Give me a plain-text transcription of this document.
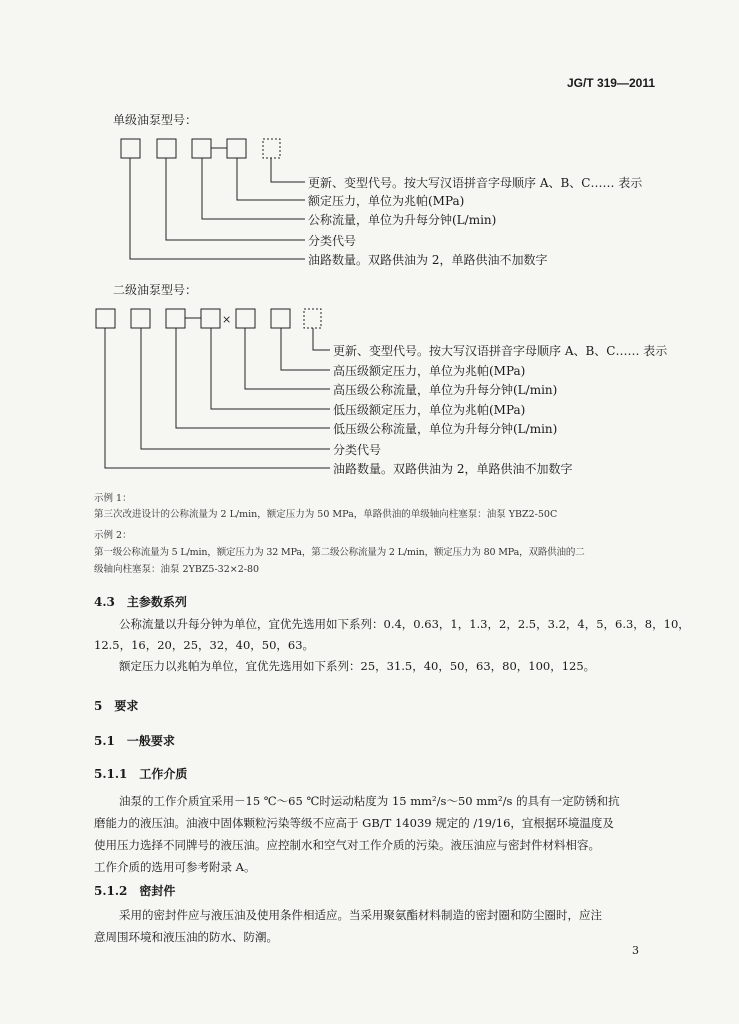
JG/T 319—2011
单级油泵型号：
×
更新、变型代号。按大写汉语拼音字母顺序 A、B、C…… 表示
额定压力，单位为兆帕(MPa)
公称流量，单位为升每分钟(L/min)
分类代号
油路数量。双路供油为 2，单路供油不加数字
二级油泵型号：
更新、变型代号。按大写汉语拼音字母顺序 A、B、C…… 表示
高压级额定压力，单位为兆帕(MPa)
高压级公称流量，单位为升每分钟(L/min)
低压级额定压力，单位为兆帕(MPa)
低压级公称流量，单位为升每分钟(L/min)
分类代号
油路数量。双路供油为 2，单路供油不加数字
示例 1：
第三次改进设计的公称流量为 2 L/min，额定压力为 50 MPa，单路供油的单级轴向柱塞泵：油泵 YBZ2-50C
示例 2：
第一级公称流量为 5 L/min，额定压力为 32 MPa，第二级公称流量为 2 L/min，额定压力为 80 MPa，双路供油的二
级轴向柱塞泵：油泵 2YBZ5-32×2-80
4.3　主参数系列
公称流量以升每分钟为单位，宜优先选用如下系列：0.4，0.63，1，1.3，2，2.5，3.2，4，5，6.3，8，10，
12.5，16，20，25，32，40，50，63。
额定压力以兆帕为单位，宜优先选用如下系列：25，31.5，40，50，63，80，100，125。
5　要求
5.1　一般要求
5.1.1　工作介质
油泵的工作介质宜采用－15 ℃～65 ℃时运动粘度为 15 mm²/s～50 mm²/s 的具有一定防锈和抗
磨能力的液压油。油液中固体颗粒污染等级不应高于 GB/T 14039 规定的 /19/16，宜根据环境温度及
使用压力选择不同牌号的液压油。应控制水和空气对工作介质的污染。液压油应与密封件材料相容。
工作介质的选用可参考附录 A。
5.1.2　密封件
采用的密封件应与液压油及使用条件相适应。当采用聚氨酯材料制造的密封圈和防尘圈时，应注
意周围环境和液压油的防水、防潮。
3
